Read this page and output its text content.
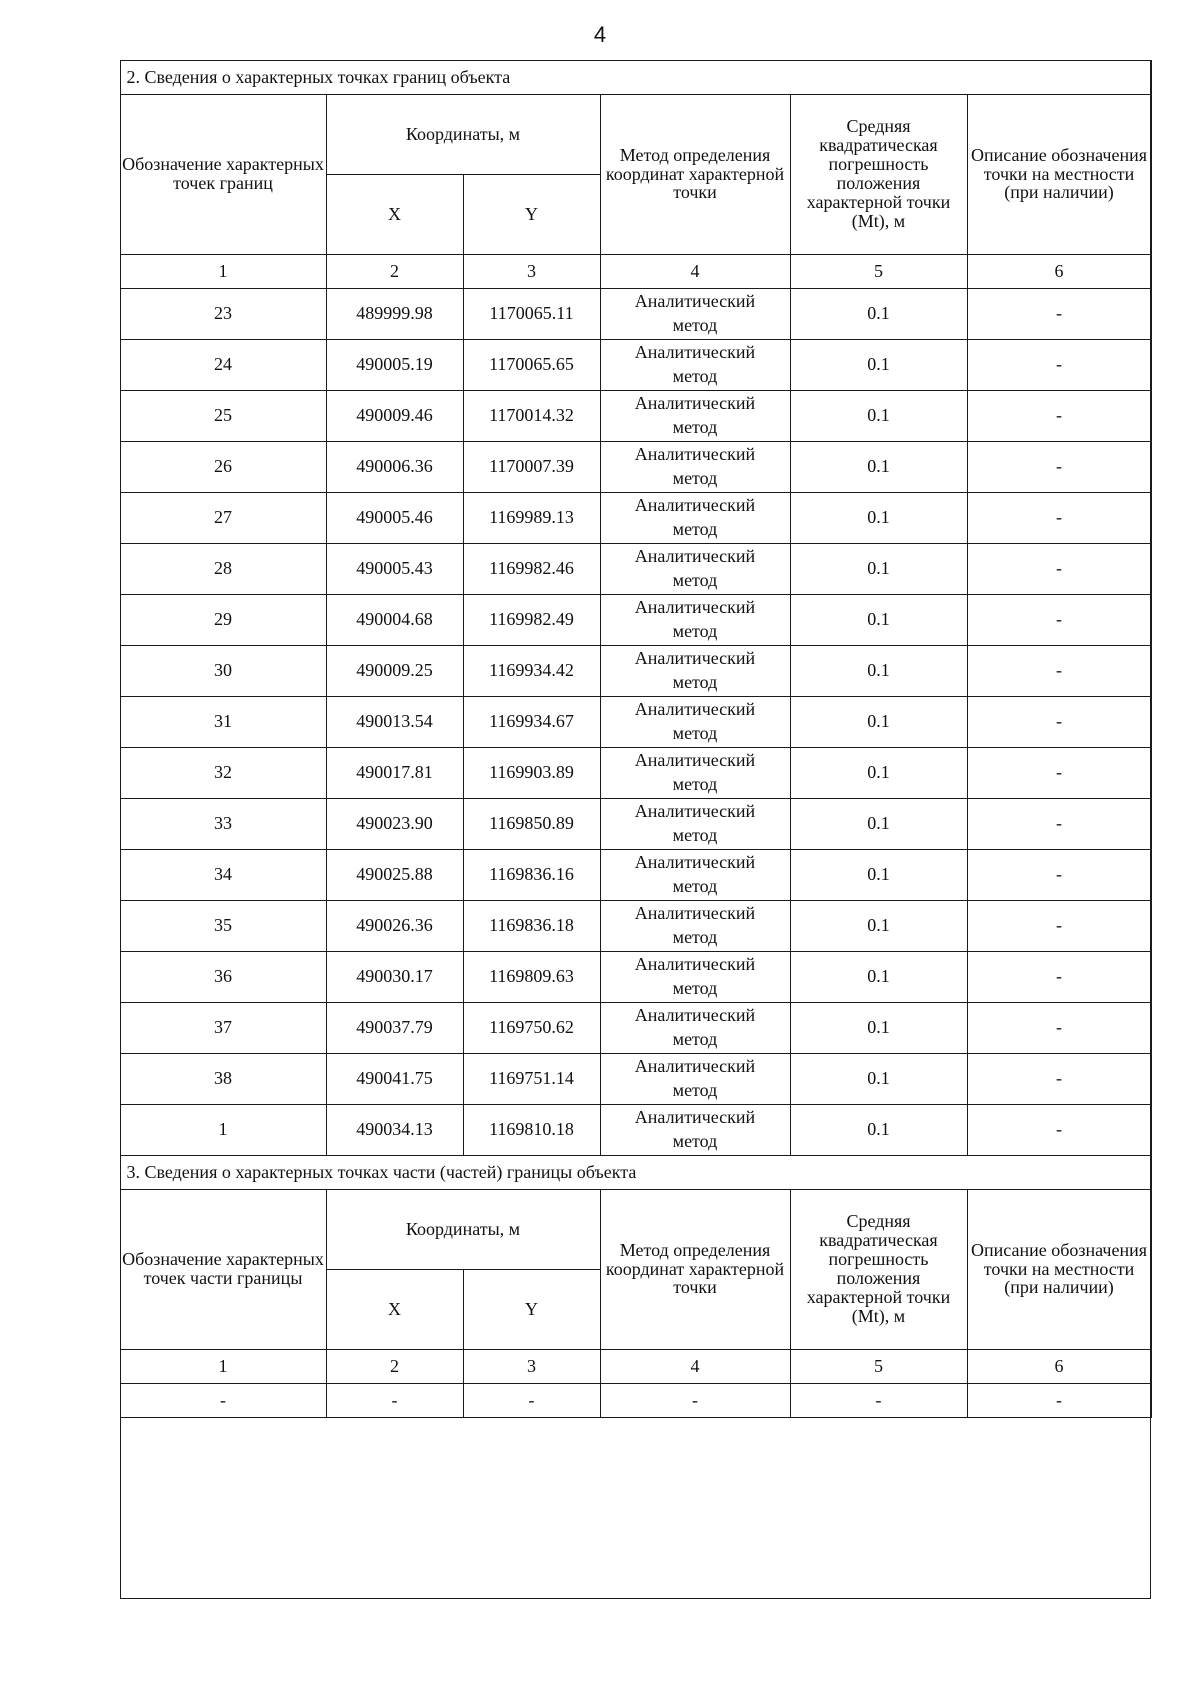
4
2. Сведения о характерных точках границ объекта					
Обозначение характерных точек границ	Координаты, м		Метод определения координат характерной точки	Средняя квадратическая погрешность положения характерной точки (Mt), м	Описание обозначения точки на местности (при наличии)
	X	Y			
1	2	3	4	5	6
23	489999.98	1170065.11	Аналитический метод	0.1	-
24	490005.19	1170065.65	Аналитический метод	0.1	-
25	490009.46	1170014.32	Аналитический метод	0.1	-
26	490006.36	1170007.39	Аналитический метод	0.1	-
27	490005.46	1169989.13	Аналитический метод	0.1	-
28	490005.43	1169982.46	Аналитический метод	0.1	-
29	490004.68	1169982.49	Аналитический метод	0.1	-
30	490009.25	1169934.42	Аналитический метод	0.1	-
31	490013.54	1169934.67	Аналитический метод	0.1	-
32	490017.81	1169903.89	Аналитический метод	0.1	-
33	490023.90	1169850.89	Аналитический метод	0.1	-
34	490025.88	1169836.16	Аналитический метод	0.1	-
35	490026.36	1169836.18	Аналитический метод	0.1	-
36	490030.17	1169809.63	Аналитический метод	0.1	-
37	490037.79	1169750.62	Аналитический метод	0.1	-
38	490041.75	1169751.14	Аналитический метод	0.1	-
1	490034.13	1169810.18	Аналитический метод	0.1	-
3. Сведения о характерных точках части (частей) границы объекта					
Обозначение характерных точек части границы	Координаты, м		Метод определения координат характерной точки	Средняя квадратическая погрешность положения характерной точки (Mt), м	Описание обозначения точки на местности (при наличии)
	X	Y			
1	2	3	4	5	6
-	-	-	-	-	-
